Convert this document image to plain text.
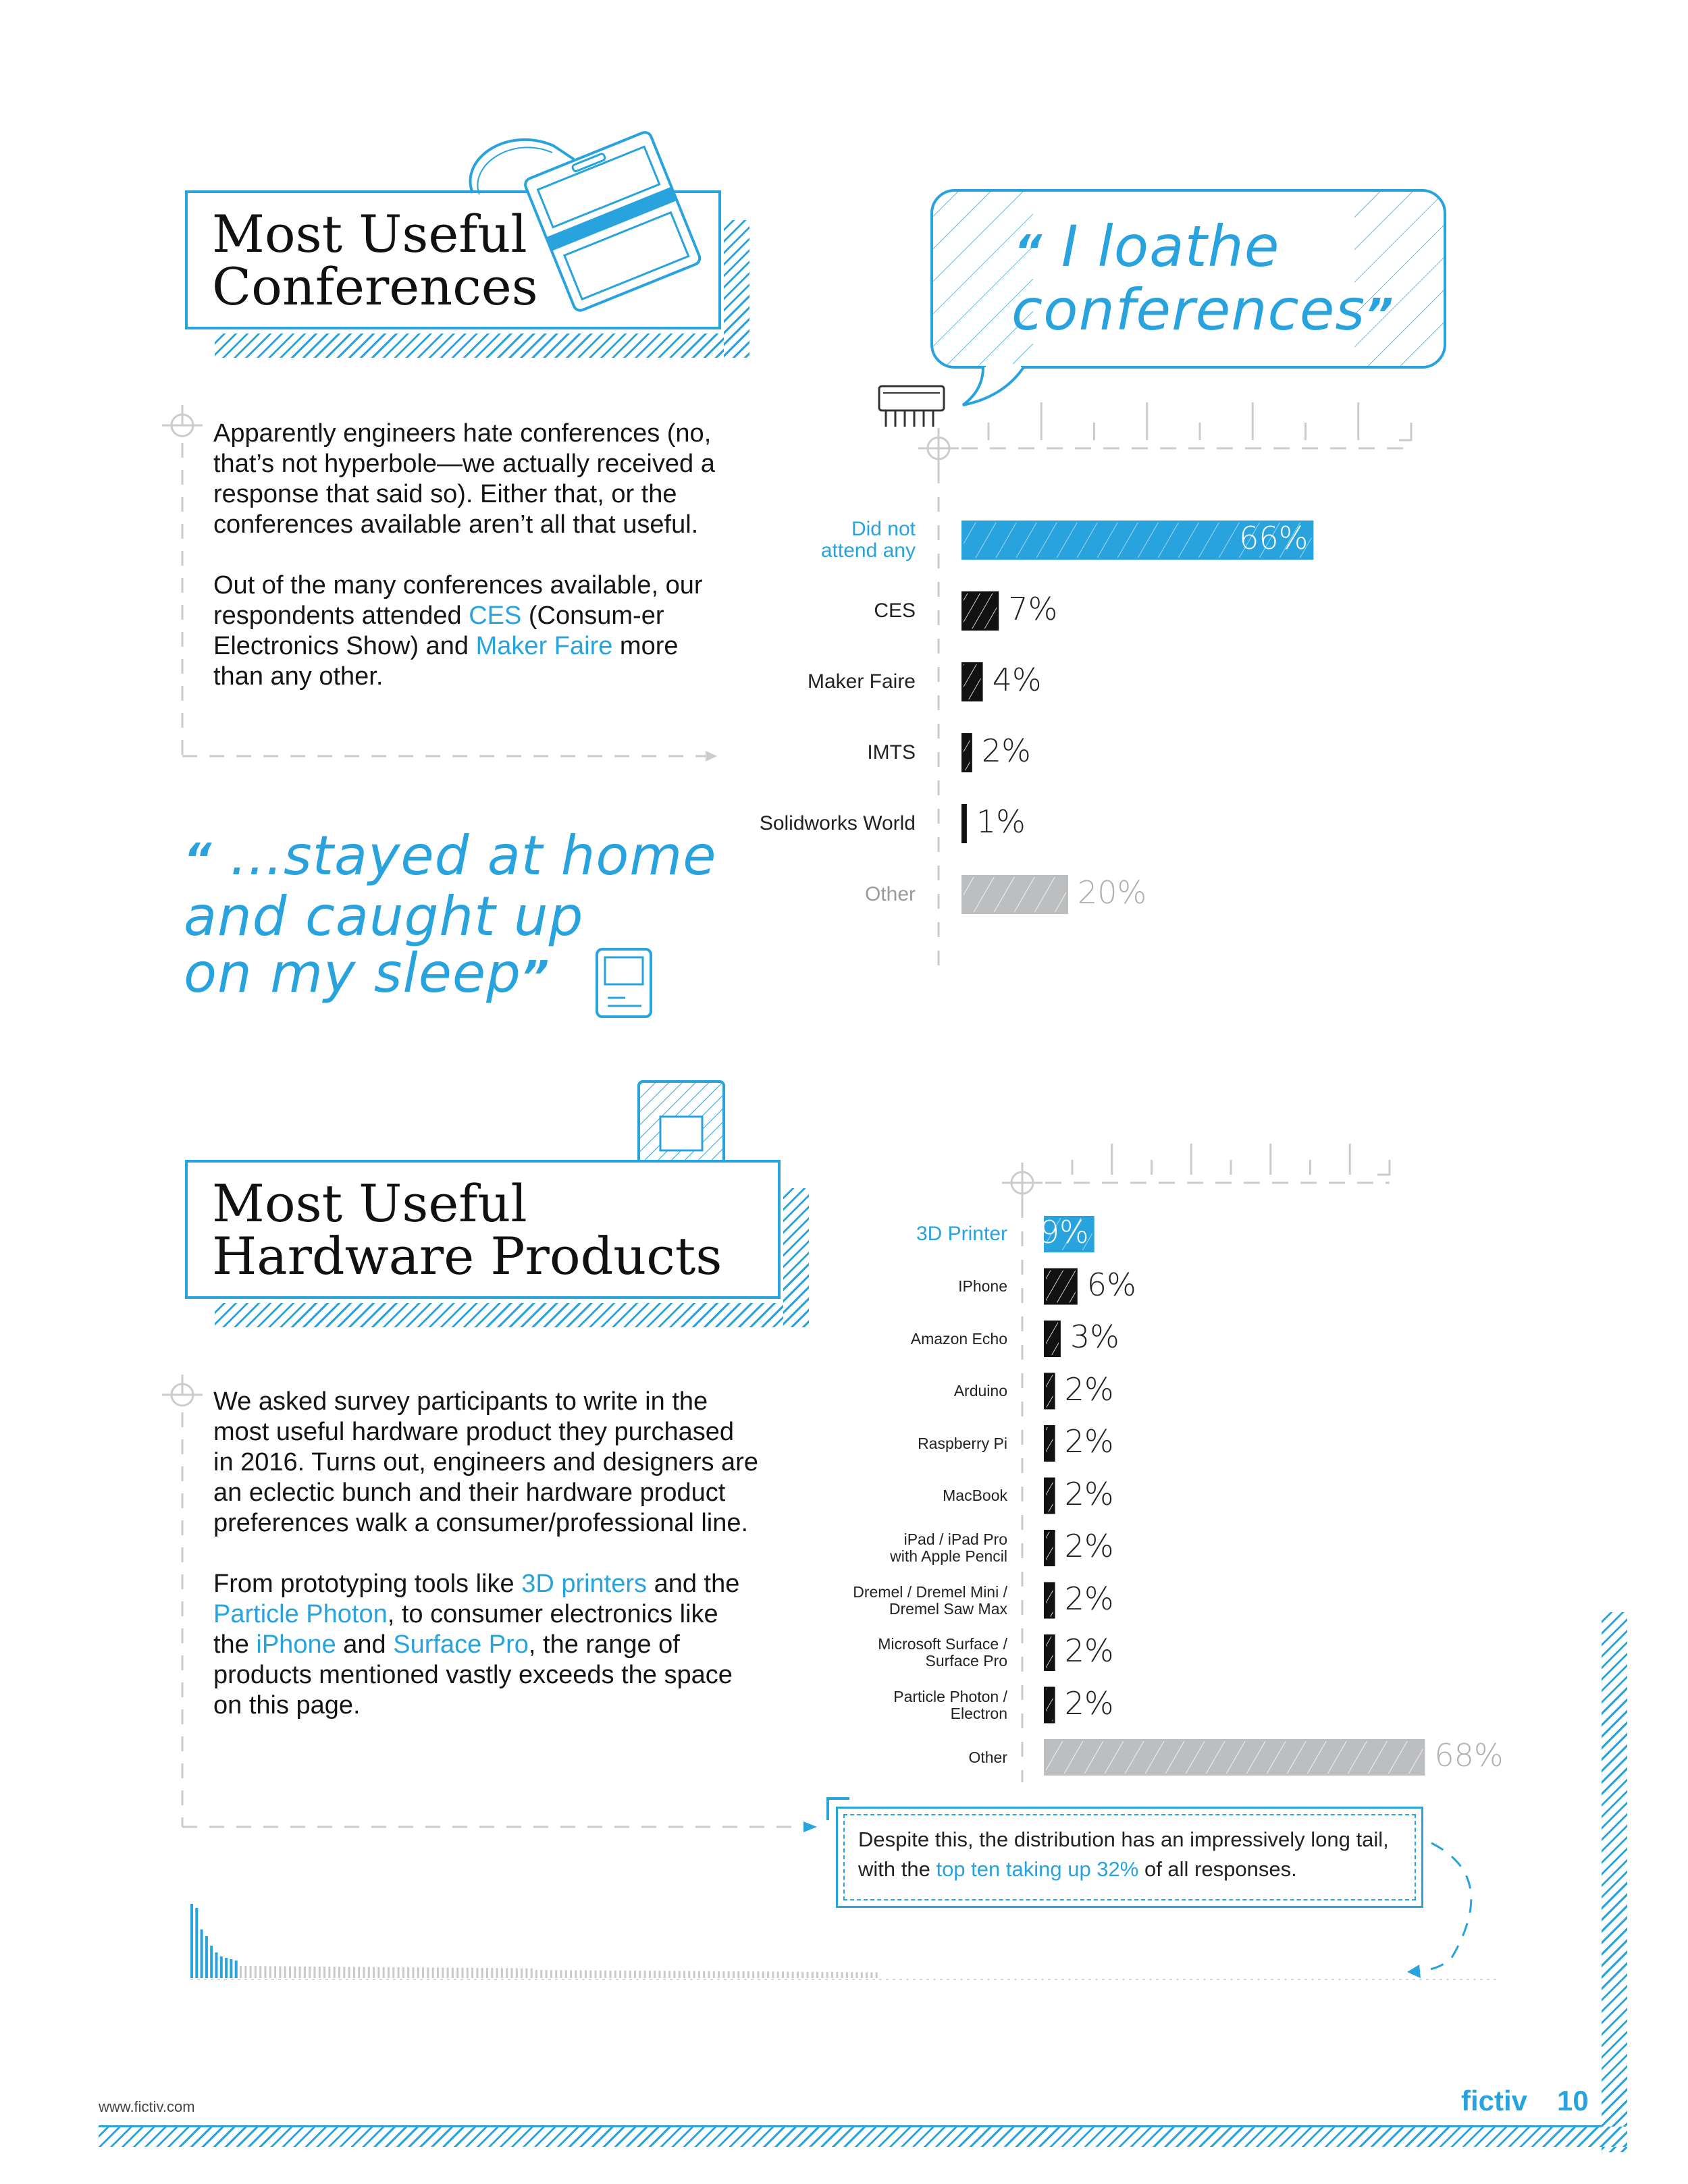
Most Useful
Conferences

Apparently engineers hate conferences (no, that’s not hyperbole—we actually received a response that said so). Either that, or the conferences available aren’t all that useful.

Out of the many conferences available, our respondents attended CES (Consum-er Electronics Show) and Maker Faire more than any other.

“ ...stayed at home
and caught up
on my sleep”
“ I loathe
conferences”
Did not
attend any	66%
CES	7%
Maker Faire 4%
IMTS 2%
Solidworks World 1%
Other	20%
Most Useful
Hardware Products

We asked survey participants to write in the most useful hardware product they purchased in 2016. Turns out, engineers and designers are an eclectic bunch and their hardware product preferences walk a consumer/professional line.

From prototyping tools like 3D printers and the Particle Photon, to consumer electronics like the iPhone and Surface Pro, the range of products mentioned vastly exceeds the space on this page.

3D Printer 9%
IPhone	6%
Amazon Echo 3%
Arduino 2%
Raspberry Pi 2%
MacBook 2%
iPad / iPad Pro
with Apple Pencil 2%
Dremel / Dremel Mini /
Dremel Saw Max 2%
Microsoft Surface /
Surface Pro 2%
Particle Photon /
Electron 2%
Other	68%
Despite this, the distribution has an impressively long tail, with the top ten taking up 32% of all responses.
www.fictiv.com	fictiv 10
